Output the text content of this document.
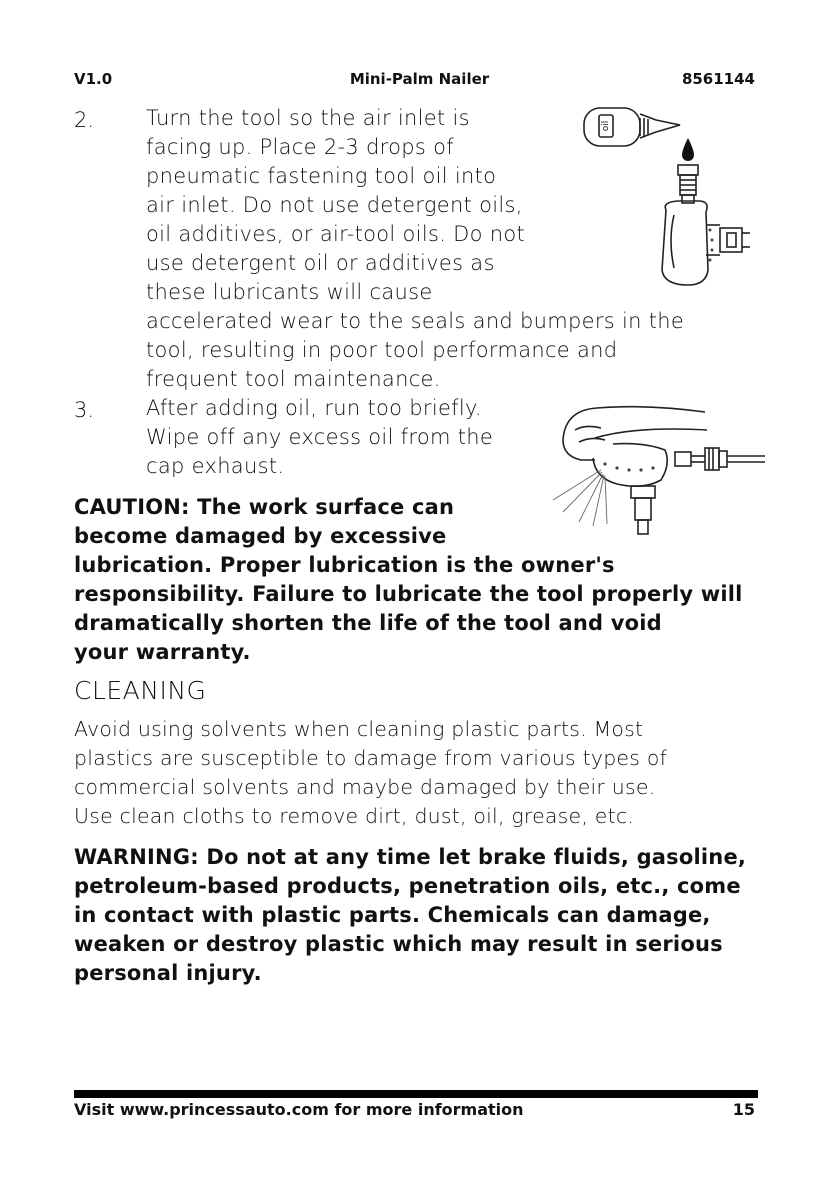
V1.0	Mini-Palm Nailer	8561144
2. Turn the tool so the air inlet is
facing up. Place 2-3 drops of
pneumatic fastening tool oil into
air inlet. Do not use detergent oils,
oil additives, or air-tool oils. Do not
use detergent oil or additives as
these lubricants will cause
accelerated wear to the seals and bumpers in the
tool, resulting in poor tool performance and
frequent tool maintenance.
3. After adding oil, run too briefly.
Wipe off any excess oil from the
cap exhaust.
oil
CAUTION: The work surface can
become damaged by excessive
lubrication. Proper lubrication is the owner's
responsibility. Failure to lubricate the tool properly will
dramatically shorten the life of the tool and void
your warranty.
CLEANING
Avoid using solvents when cleaning plastic parts. Most
plastics are susceptible to damage from various types of
commercial solvents and maybe damaged by their use.
Use clean cloths to remove dirt, dust, oil, grease, etc.
WARNING: Do not at any time let brake fluids, gasoline,
petroleum-based products, penetration oils, etc., come
in contact with plastic parts. Chemicals can damage,
weaken or destroy plastic which may result in serious
personal injury.
Visit www.princessauto.com for more information	15
